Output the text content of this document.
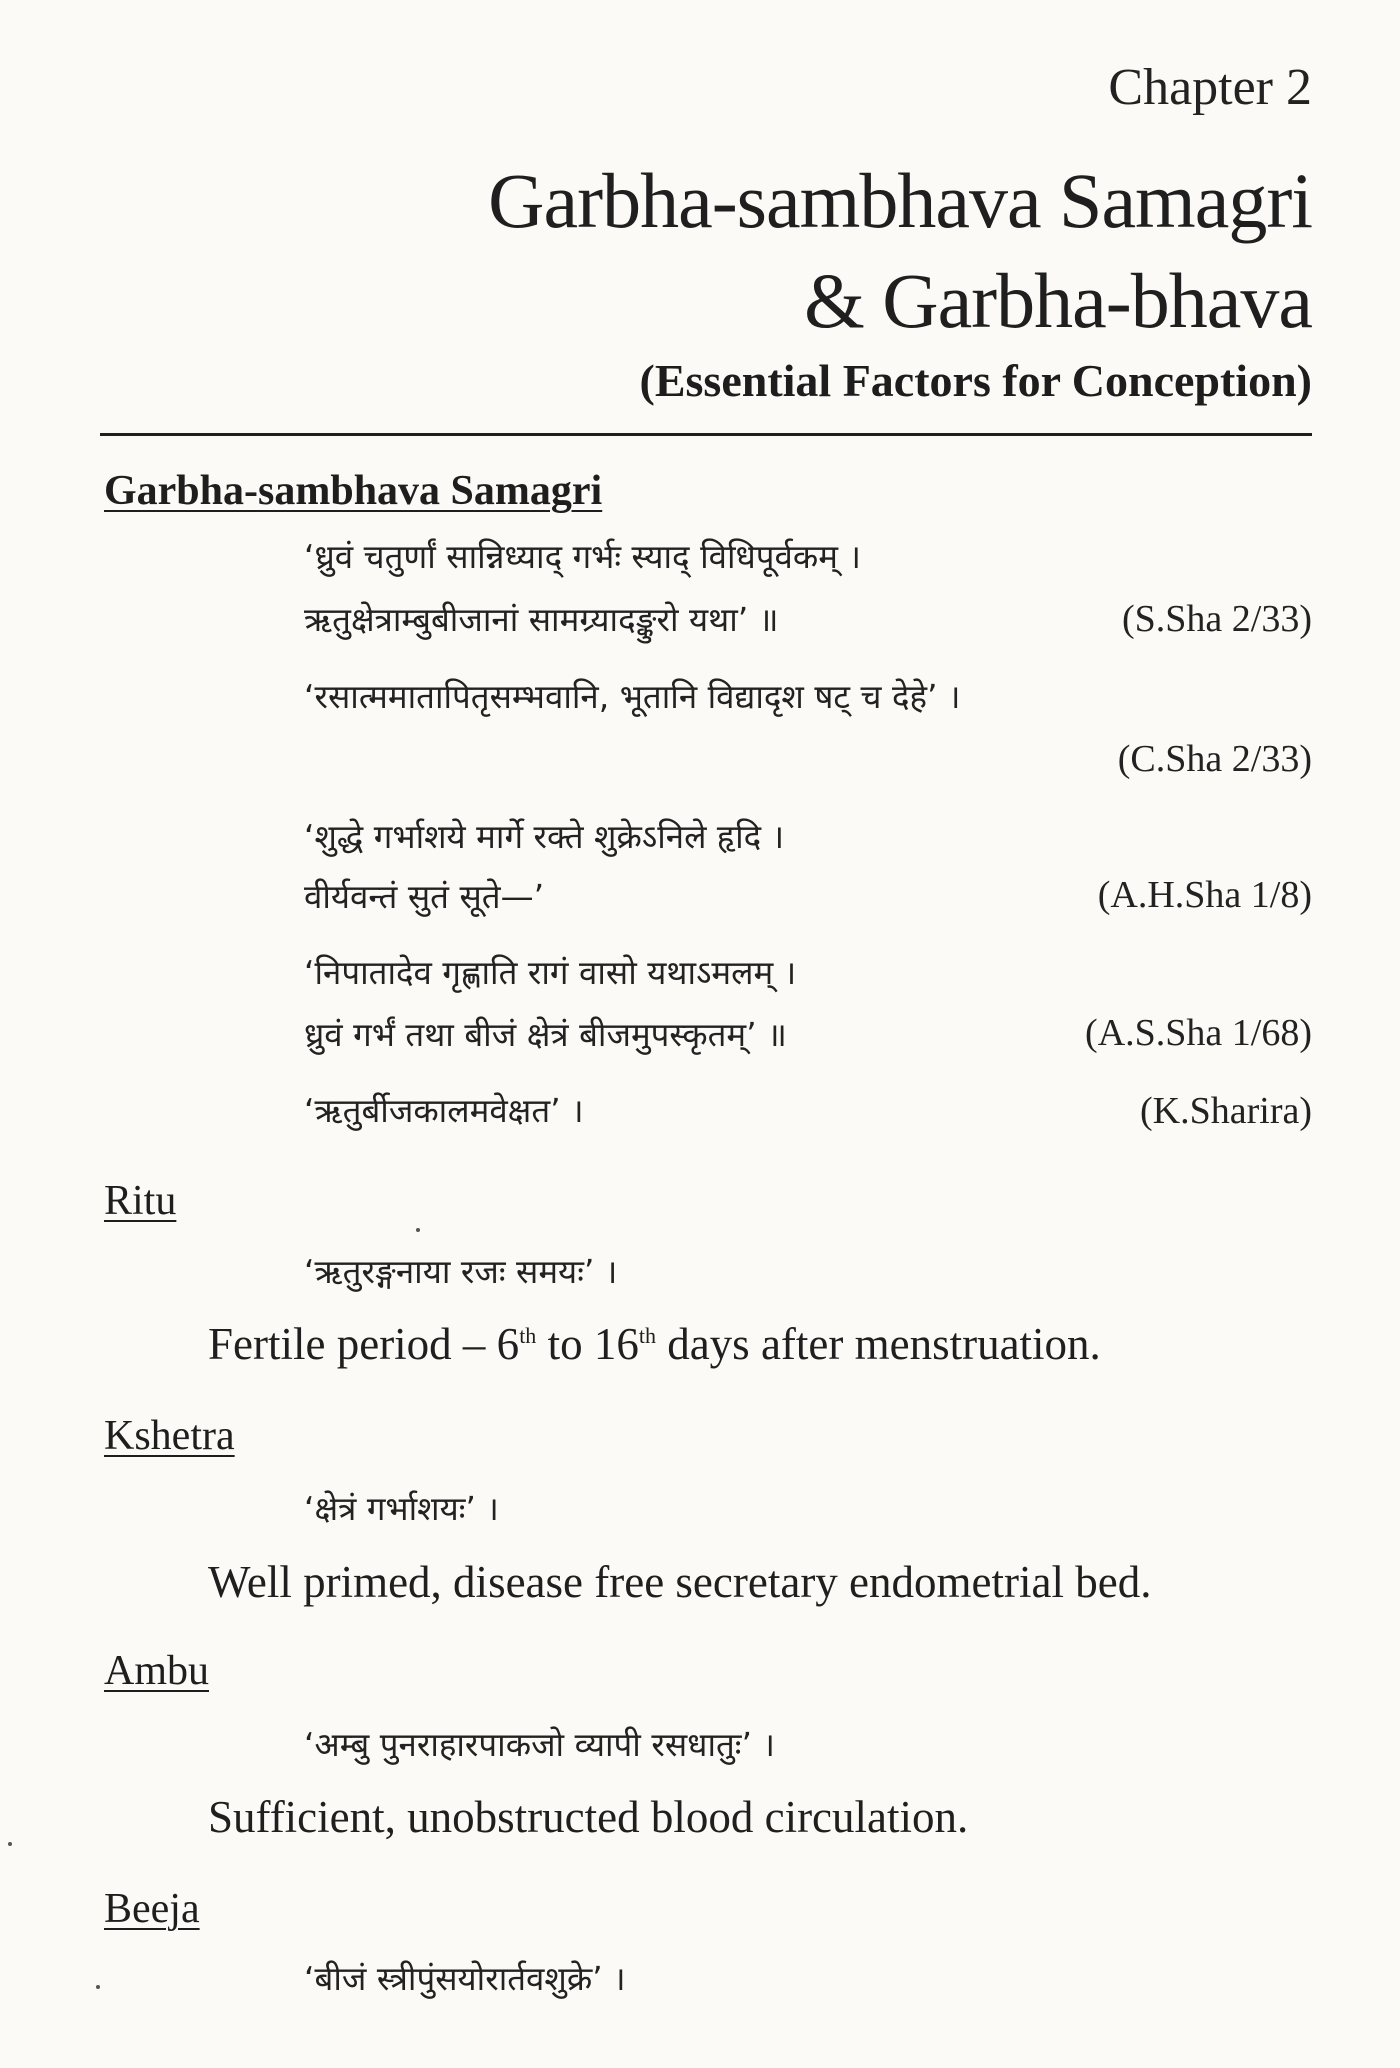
Chapter 2
Garbha-sambhava Samagri
& Garbha-bhava
(Essential Factors for Conception)
Garbha-sambhava Samagri
‘ध्रुवं चतुर्णां सान्निध्याद् गर्भः स्याद् विधिपूर्वकम् ।
ऋतुक्षेत्राम्बुबीजानां सामग्र्यादङ्कुरो यथा’ ॥	(S.Sha 2/33)
‘रसात्ममातापितृसम्भवानि, भूतानि विद्यादृश षट् च देहे’ ।
(C.Sha 2/33)
‘शुद्धे गर्भाशये मार्गे रक्ते शुक्रेऽनिले हृदि ।
वीर्यवन्तं सुतं सूते—’	(A.H.Sha 1/8)
‘निपातादेव गृह्णाति रागं वासो यथाऽमलम् ।
ध्रुवं गर्भं तथा बीजं क्षेत्रं बीजमुपस्कृतम्’ ॥	(A.S.Sha 1/68)
‘ऋतुर्बीजकालमवेक्षत’ ।	(K.Sharira)
Ritu
‘ऋतुरङ्गनाया रजः समयः’ ।
Fertile period – 6th to 16th days after menstruation.
Kshetra
‘क्षेत्रं गर्भाशयः’ ।
Well primed, disease free secretary endometrial bed.
Ambu
‘अम्बु पुनराहारपाकजो व्यापी रसधातुः’ ।
Sufficient, unobstructed blood circulation.
Beeja
‘बीजं स्त्रीपुंसयोरार्तवशुक्रे’ ।
